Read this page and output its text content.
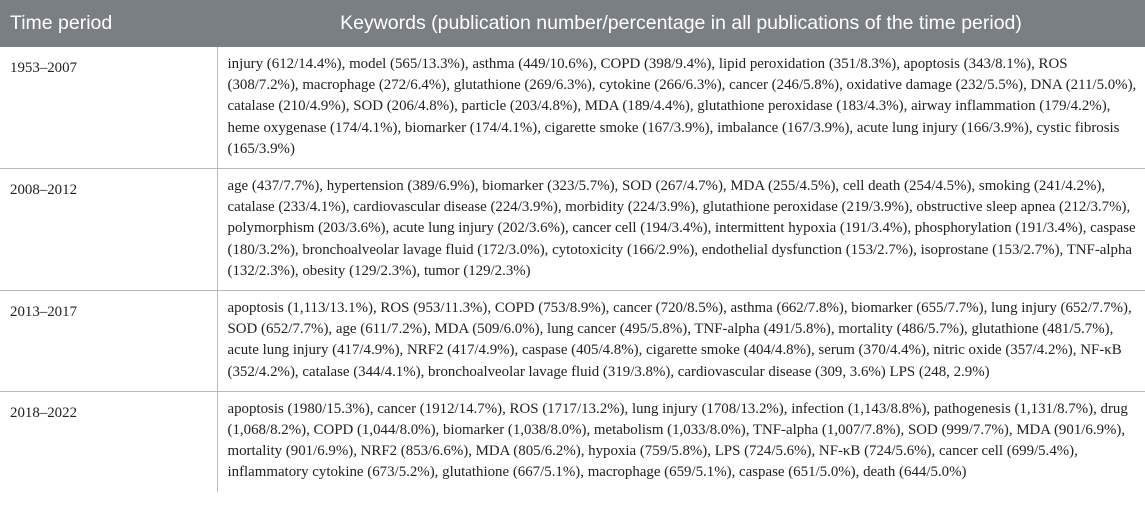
Time period	Keywords (publication number/percentage in all publications of the time period)
1953–2007	injury (612/14.4%), model (565/13.3%), asthma (449/10.6%), COPD (398/9.4%), lipid peroxidation (351/8.3%), apoptosis (343/8.1%), ROS (308/7.2%), macrophage (272/6.4%), glutathione (269/6.3%), cytokine (266/6.3%), cancer (246/5.8%), oxidative damage (232/5.5%), DNA (211/5.0%), catalase (210/4.9%), SOD (206/4.8%), particle (203/4.8%), MDA (189/4.4%), glutathione peroxidase (183/4.3%), airway inflammation (179/4.2%), heme oxygenase (174/4.1%), biomarker (174/4.1%), cigarette smoke (167/3.9%), imbalance (167/3.9%), acute lung injury (166/3.9%), cystic fibrosis (165/3.9%)
2008–2012	age (437/7.7%), hypertension (389/6.9%), biomarker (323/5.7%), SOD (267/4.7%), MDA (255/4.5%), cell death (254/4.5%), smoking (241/4.2%), catalase (233/4.1%), cardiovascular disease (224/3.9%), morbidity (224/3.9%), glutathione peroxidase (219/3.9%), obstructive sleep apnea (212/3.7%), polymorphism (203/3.6%), acute lung injury (202/3.6%), cancer cell (194/3.4%), intermittent hypoxia (191/3.4%), phosphorylation (191/3.4%), caspase (180/3.2%), bronchoalveolar lavage fluid (172/3.0%), cytotoxicity (166/2.9%), endothelial dysfunction (153/2.7%), isoprostane (153/2.7%), TNF-alpha (132/2.3%), obesity (129/2.3%), tumor (129/2.3%)
2013–2017	apoptosis (1,113/13.1%), ROS (953/11.3%), COPD (753/8.9%), cancer (720/8.5%), asthma (662/7.8%), biomarker (655/7.7%), lung injury (652/7.7%), SOD (652/7.7%), age (611/7.2%), MDA (509/6.0%), lung cancer (495/5.8%), TNF-alpha (491/5.8%), mortality (486/5.7%), glutathione (481/5.7%), acute lung injury (417/4.9%), NRF2 (417/4.9%), caspase (405/4.8%), cigarette smoke (404/4.8%), serum (370/4.4%), nitric oxide (357/4.2%), NF-κB (352/4.2%), catalase (344/4.1%), bronchoalveolar lavage fluid (319/3.8%), cardiovascular disease (309, 3.6%) LPS (248, 2.9%)
2018–2022	apoptosis (1980/15.3%), cancer (1912/14.7%), ROS (1717/13.2%), lung injury (1708/13.2%), infection (1,143/8.8%), pathogenesis (1,131/8.7%), drug (1,068/8.2%), COPD (1,044/8.0%), biomarker (1,038/8.0%), metabolism (1,033/8.0%), TNF-alpha (1,007/7.8%), SOD (999/7.7%), MDA (901/6.9%), mortality (901/6.9%), NRF2 (853/6.6%), MDA (805/6.2%), hypoxia (759/5.8%), LPS (724/5.6%), NF-κB (724/5.6%), cancer cell (699/5.4%), inflammatory cytokine (673/5.2%), glutathione (667/5.1%), macrophage (659/5.1%), caspase (651/5.0%), death (644/5.0%)
